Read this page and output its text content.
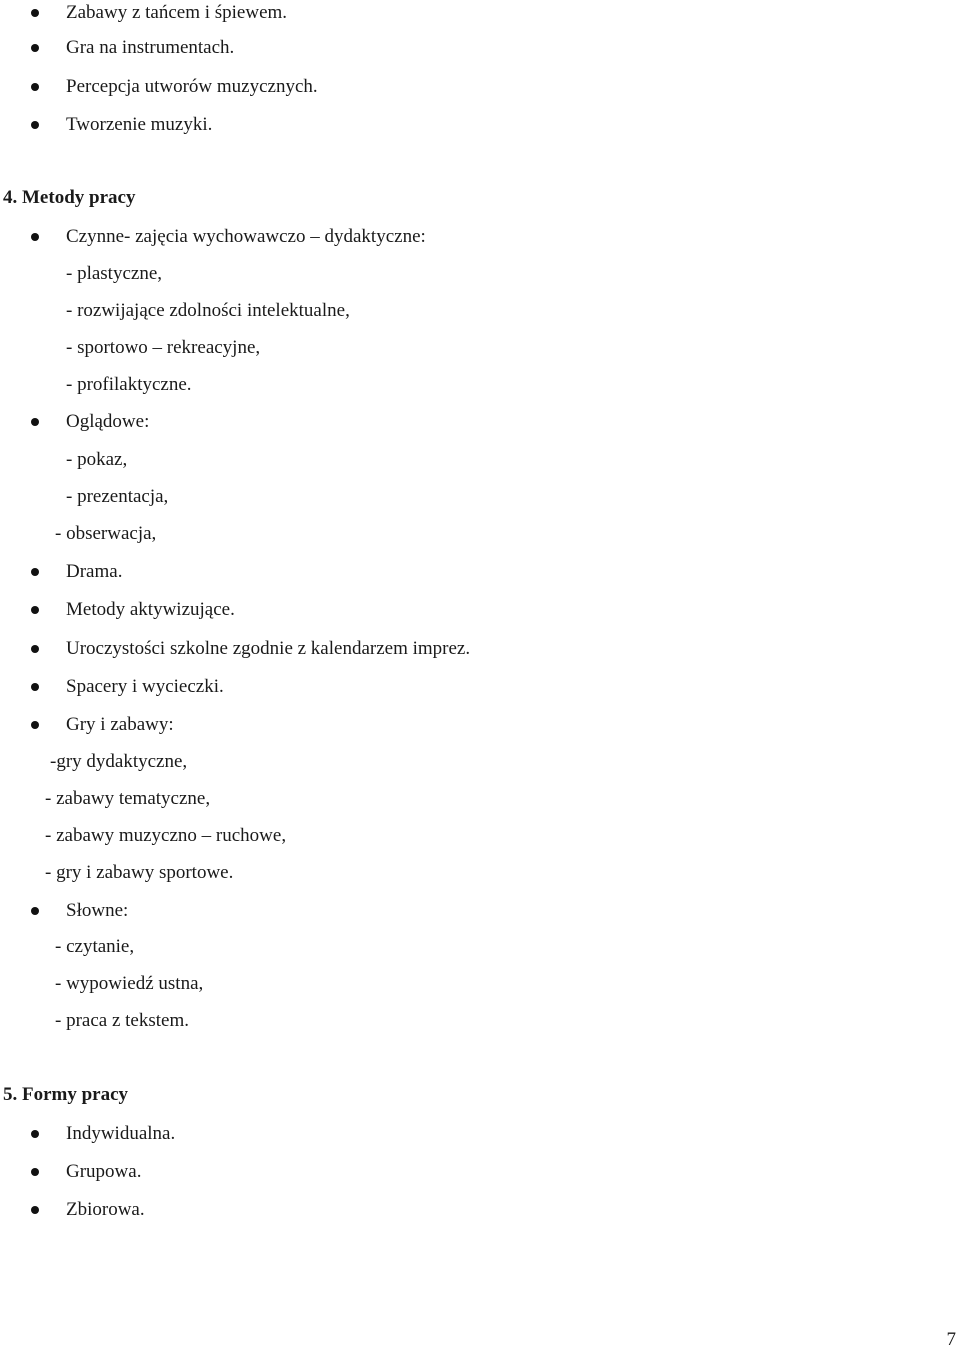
Zabawy z tańcem i śpiewem.
Gra na instrumentach.
Percepcja utworów muzycznych.
Tworzenie muzyki.
4. Metody pracy
Czynne- zajęcia wychowawczo – dydaktyczne:
- plastyczne,
- rozwijające zdolności intelektualne,
- sportowo – rekreacyjne,
- profilaktyczne.
Oglądowe:
- pokaz,
- prezentacja,
- obserwacja,
Drama.
Metody aktywizujące.
Uroczystości szkolne zgodnie z kalendarzem imprez.
Spacery i wycieczki.
Gry i zabawy:
-gry dydaktyczne,
- zabawy tematyczne,
- zabawy muzyczno – ruchowe,
- gry i zabawy sportowe.
Słowne:
- czytanie,
- wypowiedź ustna,
- praca z tekstem.
5. Formy pracy
Indywidualna.
Grupowa.
Zbiorowa.
7
